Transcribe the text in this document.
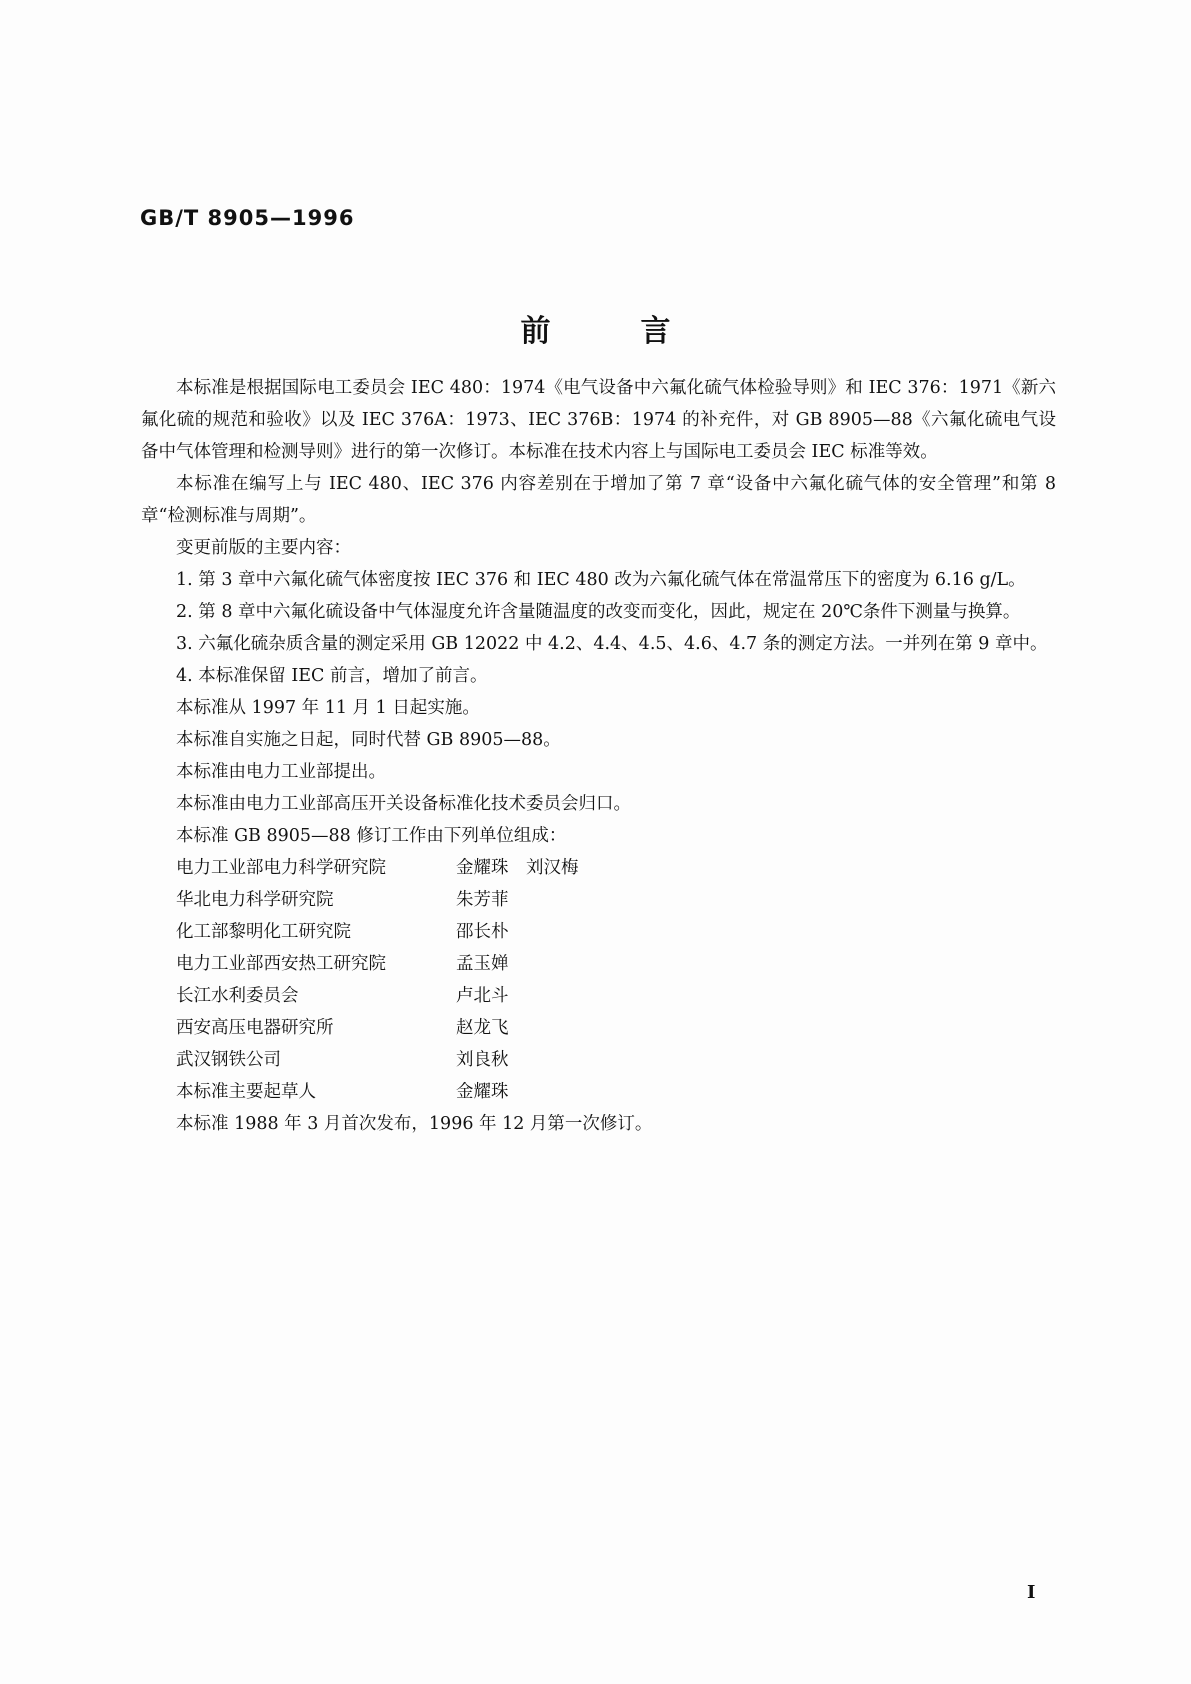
GB/T 8905—1996
前	言

本标准是根据国际电工委员会 IEC 480：1974《电气设备中六氟化硫气体检验导则》和 IEC 376：1971《新六氟化硫的规范和验收》以及 IEC 376A：1973、IEC 376B：1974 的补充件，对 GB 8905—88《六氟化硫电气设备中气体管理和检测导则》进行的第一次修订。本标准在技术内容上与国际电工委员会 IEC 标准等效。

本标准在编写上与 IEC 480、IEC 376 内容差别在于增加了第 7 章“设备中六氟化硫气体的安全管理”和第 8 章“检测标准与周期”。

变更前版的主要内容：

1. 第 3 章中六氟化硫气体密度按 IEC 376 和 IEC 480 改为六氟化硫气体在常温常压下的密度为 6.16 g/L。

2. 第 8 章中六氟化硫设备中气体湿度允许含量随温度的改变而变化，因此，规定在 20℃条件下测量与换算。

3. 六氟化硫杂质含量的测定采用 GB 12022 中 4.2、4.4、4.5、4.6、4.7 条的测定方法。一并列在第 9 章中。

4. 本标准保留 IEC 前言，增加了前言。

本标准从 1997 年 11 月 1 日起实施。

本标准自实施之日起，同时代替 GB 8905—88。

本标准由电力工业部提出。

本标准由电力工业部高压开关设备标准化技术委员会归口。

本标准 GB 8905—88 修订工作由下列单位组成：

电力工业部电力科学研究院	金耀珠　刘汉梅
华北电力科学研究院	朱芳菲
化工部黎明化工研究院	邵长朴
电力工业部西安热工研究院	孟玉婵
长江水利委员会	卢北斗
西安高压电器研究所	赵龙飞
武汉钢铁公司	刘良秋
本标准主要起草人	金耀珠

本标准 1988 年 3 月首次发布，1996 年 12 月第一次修订。

I
